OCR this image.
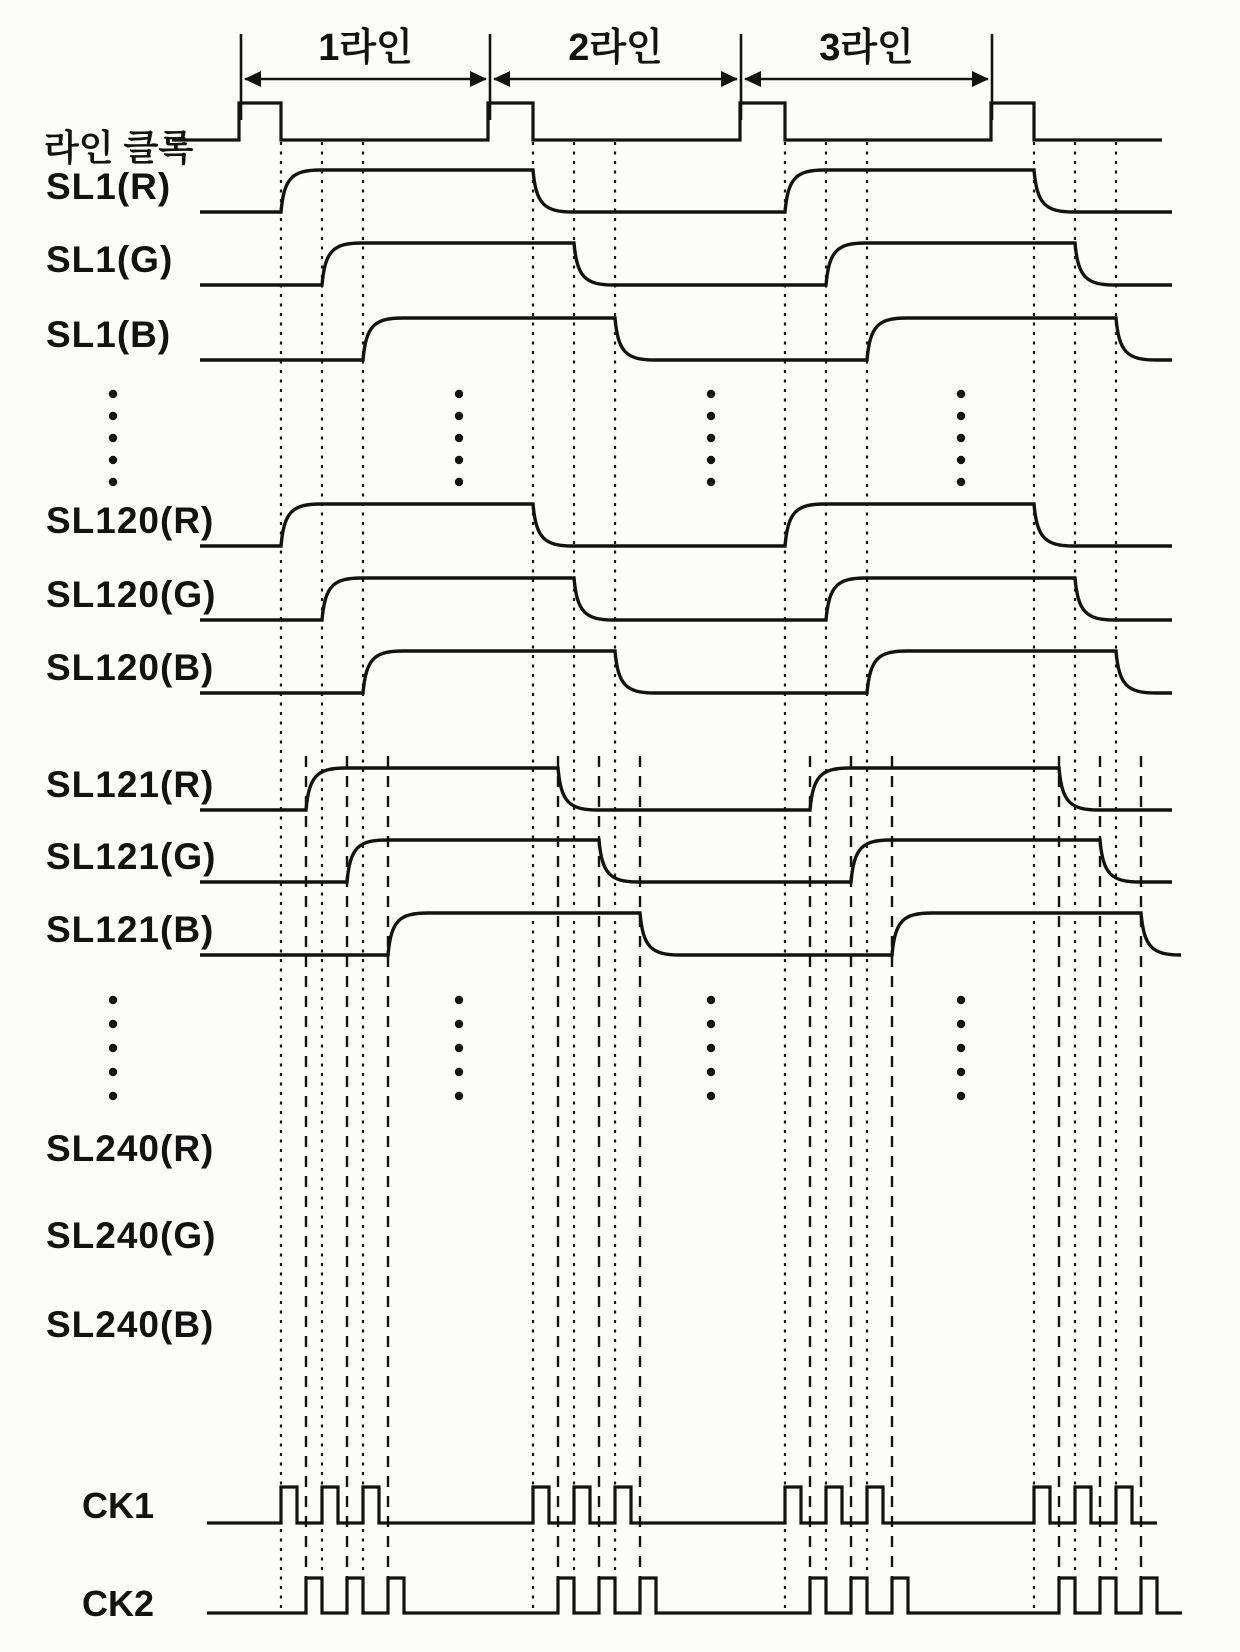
1라인	2라인	3라인
라인 클록
SL1(R)
SL1(G)
SL1(B)
SL120(R)
SL120(G)
SL120(B)
SL121(R)
SL121(G)
SL121(B)
SL240(R)
SL240(G)
SL240(B)
CK1
CK2
